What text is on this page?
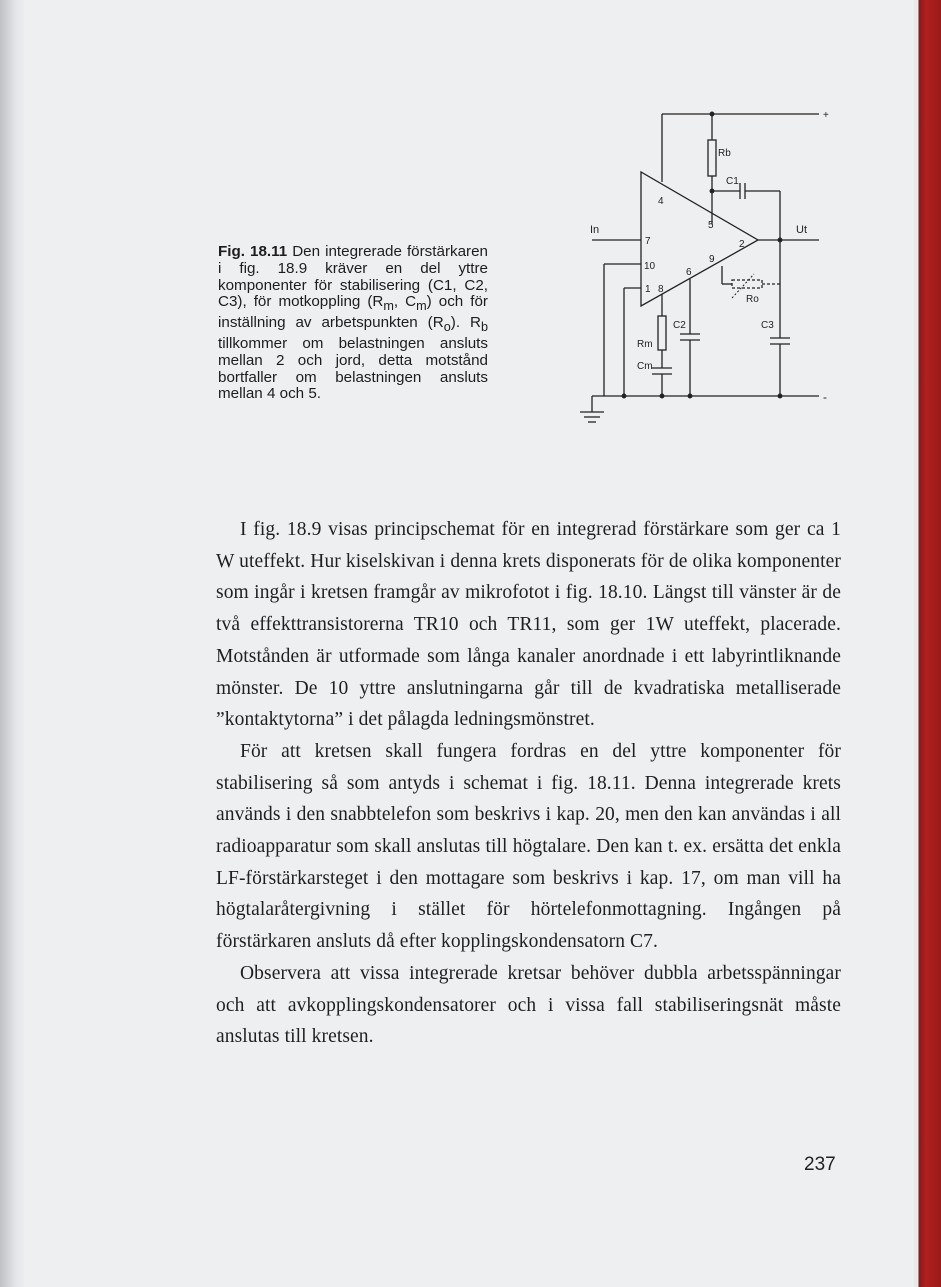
Fig. 18.11 Den integrerade förstärkaren i fig. 18.9 kräver en del yttre komponenter för stabilisering (C1, C2, C3), för motkoppling ($R_m$, $C_m$) och för inställning av arbetspunkten $(R_o)$. $R_b$ tillkommer om belastningen ansluts mellan 2 och jord, detta motstånd bortfaller om belastningen ansluts mellan 4 och 5.
In	Ut
+
-
4
5
7
10
1 8
6
9
2
C1
C2	C3
Rb
Rm
Cm
Ro

I fig. 18.9 visas principschemat för en integrerad förstärkare som ger ca 1 W uteffekt. Hur kiselskivan i denna krets disponerats för de olika komponenter som ingår i kretsen framgår av mikrofotot i fig. 18.10. Längst till vänster är de två effekttransistorerna TR10 och TR11, som ger 1W uteffekt, placerade. Motstånden är utformade som långa kanaler anordnade i ett labyrintliknande mönster. De 10 yttre anslutningarna går till de kvadratiska metalliserade ”kontaktytorna” i det pålagda ledningsmönstret.

För att kretsen skall fungera fordras en del yttre komponenter för stabilisering så som antyds i schemat i fig. 18.11. Denna integrerade krets används i den snabbtelefon som beskrivs i kap. 20, men den kan användas i all radioapparatur som skall anslutas till högtalare. Den kan t. ex. ersätta det enkla LF-förstärkarsteget i den mottagare som beskrivs i kap. 17, om man vill ha högtalaråtergivning i stället för hörtelefonmottagning. Ingången på förstärkaren ansluts då efter kopplingskondensatorn C7.

Observera att vissa integrerade kretsar behöver dubbla arbetsspänningar och att avkopplingskondensatorer och i vissa fall stabiliseringsnät måste anslutas till kretsen.

237
